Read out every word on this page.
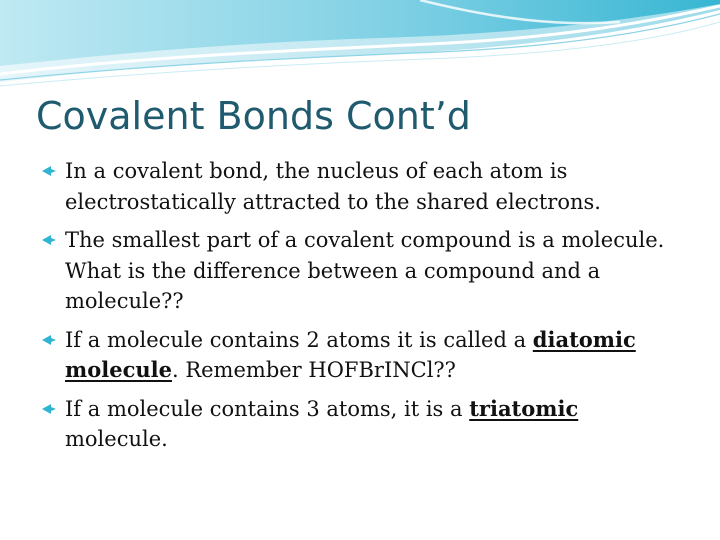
Covalent Bonds Cont’d
In a covalent bond, the nucleus of each atom is electrostatically attracted to the shared electrons.
The smallest part of a covalent compound is a molecule. What is the difference between a compound and a molecule??
If a molecule contains 2 atoms it is called a diatomic molecule. Remember HOFBrINCl??
If a molecule contains 3 atoms, it is a triatomic molecule.
